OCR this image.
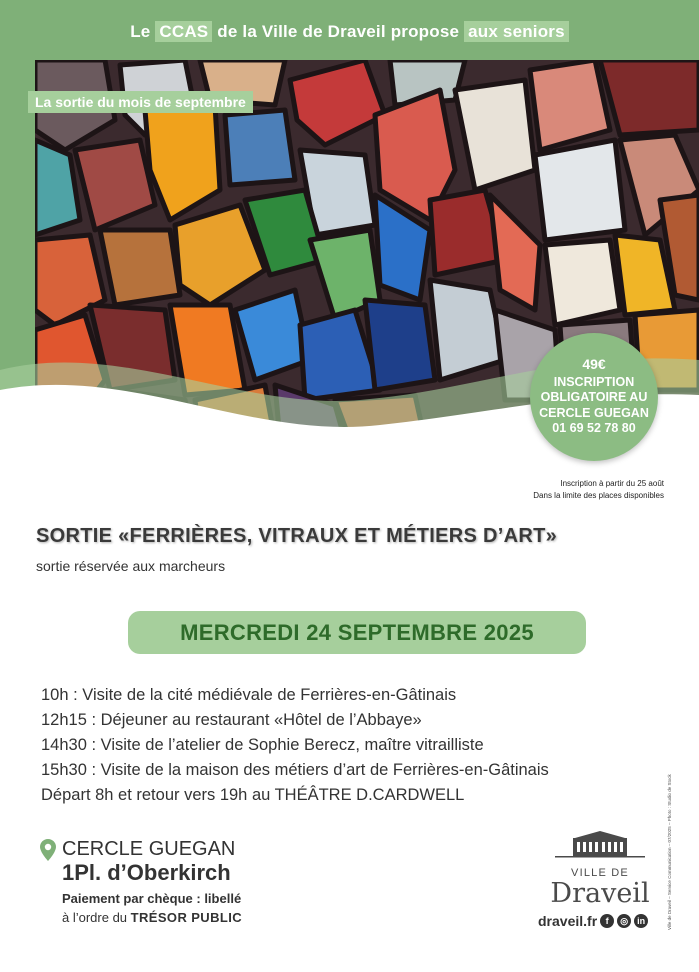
Le CCAS de la Ville de Draveil propose aux seniors
La sortie du mois de septembre
49€
INSCRIPTION
OBLIGATOIRE AU
CERCLE GUEGAN
01 69 52 78 80
Inscription à partir du 25 août
Dans la limite des places disponibles
SORTIE «FERRIÈRES, VITRAUX ET MÉTIERS D’ART»
sortie réservée aux marcheurs
MERCREDI 24 SEPTEMBRE 2025
10h : Visite de la cité médiévale de Ferrières-en-Gâtinais
12h15 : Déjeuner au restaurant «Hôtel de l’Abbaye»
14h30 : Visite de l’atelier de Sophie Berecz, maître vitrailliste
15h30 : Visite de la maison des métiers d’art de Ferrières-en-Gâtinais
Départ 8h et retour vers 19h au THÉÂTRE D.CARDWELL
CERCLE GUEGAN
1Pl. d’Oberkirch
Paiement par chèque : libellé
à l’ordre du TRÉSOR PUBLIC
VILLE DE
Draveil
draveil.fr f	◎	in	Ville de Draveil – Service Communication – 07/2025 – Photo : Studio de Stock
